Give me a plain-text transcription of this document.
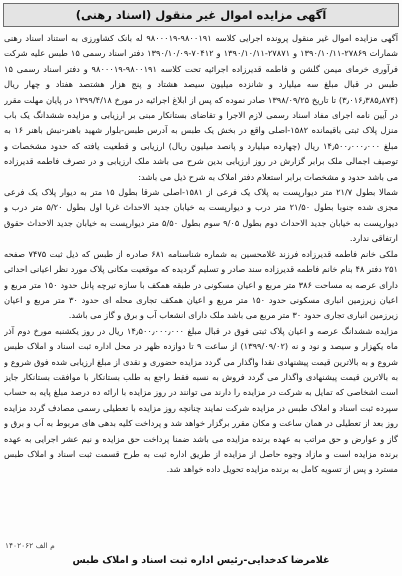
آگهی مزایده اموال غیر منقول (اسناد رهنی)

آگهی مزایده اموال غیر منقول پرونده اجرایی کلاسه ۹۸۰۰۱۹۱-۹۸۰۰۰۱۹ له بانک کشاورزی به استناد اسناد رهنی شمارات ۲۷۸۶۹-۱۳۹۰/۱۰/۱۱ و ۲۷۸۷۱-۱۳۹۰/۱۰/۱۱ و ۷۰۴۱۲-۱۳۹۰/۱۰/۰۹ دفتر اسناد رسمی ۱۵ طبس علیه شرکت فرآوری خرمای میمن گلشن و فاطمه قدیرزاده اجرائیه تحت کلاسه ۹۸۰۰۱۹۱-۹۸۰۰۰۱۹ و دفتر اسناد رسمی ۱۵ طبس در قبال مبلغ سه میلیارد و شانزده میلیون سیصد هشتاد و پنج هزار هشتصد هفتاد و چهار ریال (۳٫۰۱۶٫۳۸۵٫۸۷۴) تا تاریخ ۱۳۹۸/۰۹/۲۵ صادر نموده که پس از ابلاغ اجرائیه در مورخ ۱۳۹۹/۴/۱۸ در پایان مهلت مقرر در آیین نامه اجرای مفاد اسناد رسمی لازم الاجرا و تقاضای بستانکار مبنی بر ارزیابی و مزایده ششدانگ یک باب منزل پلاک ثبتی باقیمانده ۱۵۸۲-اصلی واقع در بخش یک طبس به آدرس طبس-بلوار شهید باهنر-نبش باهنر ۱۶ به مبلغ ۱۴٫۵۰۰٫۰۰۰٫۰۰۰ ریال (چهارده میلیارد و پانصد میلیون ریال) ارزیابی و قطعیت یافته که حدود مشخصات و توصیف اجمالی ملک برابر گزارش در روز ارزیابی بدین شرح می باشد ملک ارزیابی و در تصرف فاطمه قدیرزاده می باشد حدود و مشخصات برابر استعلام دفتر املاک به شرح ذیل می باشد:

شمالا بطول ۲۱/۷ متر دیوارپست به پلاک یک فرعی از ۱۵۸۱-اصلی شرقا بطول ۱۵ متر به دیوار پلاک یک فرعی مجزی شده جنوبا بطول ۲۱/۵۰ متر درب و دیوارپست به خیابان جدید الاحداث غربا اول بطول ۵/۲۰ متر درب و دیوارپست به خیابان جدید الاحداث دوم بطول ۹/۰۵ سوم بطول ۵/۵۰ متر دیوارپست به خیابان جدید الاحداث حقوق ارتفاقی ندارد.

ملکی خانم فاطمه قدیرزاده فرزند غلامحسین به شماره شناسنامه ۶۸۱ صادره از طبس که ذیل ثبت ۷۴۷۵ صفحه ۲۵۱ دفتر ۴۸ بنام خانم فاطمه قدیرزاده سند صادر و تسلیم گردیده که موقعیت مکانی پلاک مورد نظر اعیانی احداثی دارای عرصه به مساحت ۳۸۶ متر مربع و اعیان مسکونی در طبقه همکف با سازه تیرچه پانل حدود ۱۵۰ متر مربع و اعیان زیرزمین انباری مسکونی حدود ۱۵۰ متر مربع و اعیان همکف تجاری محله ای حدود ۳۰ متر مربع و اعیان زیرزمین انباری تجاری حدود ۳۰ متر مربع می باشد ملک دارای انشعاب آب و برق و گاز می باشد.

مزایده ششدانگ عرصه و اعیان پلاک ثبتی فوق در قبال مبلغ ۱۴٫۵۰۰٫۰۰۰٫۰۰۰ ریال در روز یکشنبه مورخ دوم آذر ماه یکهزار و سیصد و نود و نه (۱۳۹۹/۰۹/۰۲) از ساعت ۹ تا دوازده ظهر در محل اداره ثبت اسناد و املاک طبس شروع و به بالاترین قیمت پیشنهادی نقدا واگذار می گردد مزایده حضوری و نقدی از مبلغ ارزیابی شده فوق شروع و به بالاترین قیمت پیشنهادی واگذار می گردد فروش به نسبه فقط راجع به طلب بستانکار با موافقت بستانکار جایز است اشخاصی که تمایل به شرکت در مزایده را دارند می توانند در روز مزایده با ارائه ده درصد مبلغ پایه به حساب سپرده ثبت اسناد و املاک طبس در مزایده شرکت نمایند چنانچه روز مزایده با تعطیلی رسمی مصادف گردد مزایده روز بعد از تعطیلی در همان ساعت و مکان مقرر برگزار خواهد شد و پرداخت کلیه بدهی های مربوط به آب و برق و گاز و عوارض و حق مراتب به عهده برنده مزایده می باشد ضمنا پرداخت حق مزایده و نیم عشر اجرایی به عهده برنده مزایده است و مازاد وجوه حاصل از مزایده از طریق اداره ثبت به طرح قسمت ثبت اسناد و املاک طبس مسترد و پس از تسویه کامل به برنده مزایده تحویل داده خواهد شد.

م الف ۱۴۰۲۰۶۲
غلامرضا کدخدایی-رئیس اداره ثبت اسناد و املاک طبس
